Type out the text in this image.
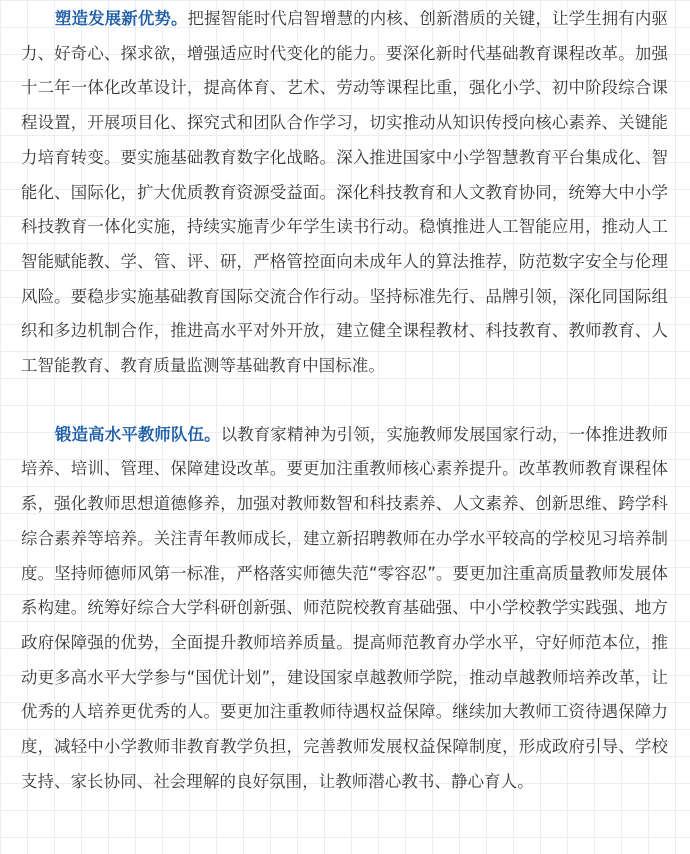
塑造发展新优势。把握智能时代启智增慧的内核、创新潜质的关键，让学生拥有内驱力、好奇心、探求欲，增强适应时代变化的能力。要深化新时代基础教育课程改革。加强十二年一体化改革设计，提高体育、艺术、劳动等课程比重，强化小学、初中阶段综合课程设置，开展项目化、探究式和团队合作学习，切实推动从知识传授向核心素养、关键能力培育转变。要实施基础教育数字化战略。深入推进国家中小学智慧教育平台集成化、智能化、国际化，扩大优质教育资源受益面。深化科技教育和人文教育协同，统筹大中小学科技教育一体化实施，持续实施青少年学生读书行动。稳慎推进人工智能应用，推动人工智能赋能教、学、管、评、研，严格管控面向未成年人的算法推荐，防范数字安全与伦理风险。要稳步实施基础教育国际交流合作行动。坚持标准先行、品牌引领，深化同国际组织和多边机制合作，推进高水平对外开放，建立健全课程教材、科技教育、教师教育、人工智能教育、教育质量监测等基础教育中国标准。

锻造高水平教师队伍。以教育家精神为引领，实施教师发展国家行动，一体推进教师培养、培训、管理、保障建设改革。要更加注重教师核心素养提升。改革教师教育课程体系，强化教师思想道德修养，加强对教师数智和科技素养、人文素养、创新思维、跨学科综合素养等培养。关注青年教师成长，建立新招聘教师在办学水平较高的学校见习培养制度。坚持师德师风第一标准，严格落实师德失范“零容忍”。要更加注重高质量教师发展体系构建。统筹好综合大学科研创新强、师范院校教育基础强、中小学校教学实践强、地方政府保障强的优势，全面提升教师培养质量。提高师范教育办学水平，守好师范本位，推动更多高水平大学参与“国优计划”，建设国家卓越教师学院，推动卓越教师培养改革，让优秀的人培养更优秀的人。要更加注重教师待遇权益保障。继续加大教师工资待遇保障力度，减轻中小学教师非教育教学负担，完善教师发展权益保障制度，形成政府引导、学校支持、家长协同、社会理解的良好氛围，让教师潜心教书、静心育人。
